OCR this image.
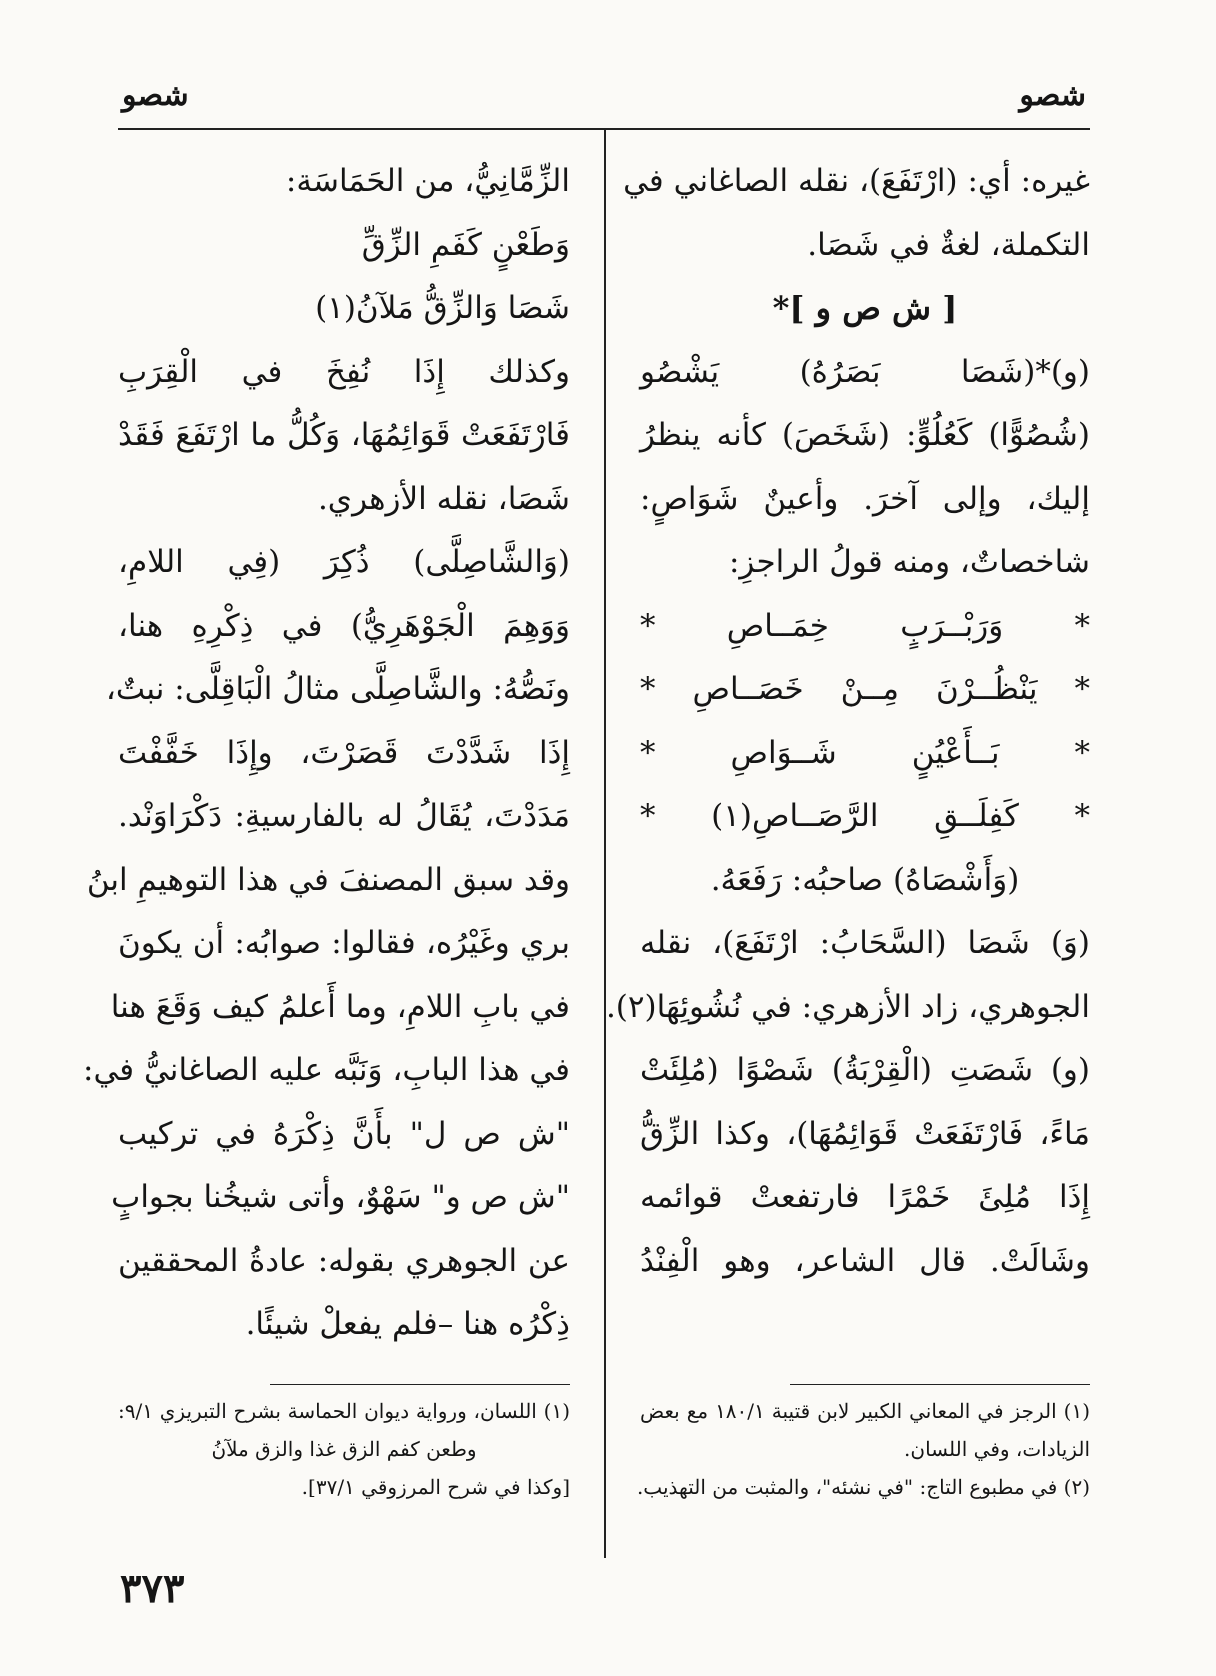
شصو
شصو
غيره: أي: (ارْتَفَعَ)، نقله الصاغاني في
التكملة، لغةٌ في شَصَا.
[ ش ص و ]*
(و)*(شَصَا بَصَرُهُ) يَشْصُو
(شُصُوًّا) كَعُلُوٍّ: (شَخَصَ) كأنه ينظرُ
إليك، وإلى آخرَ. وأعينٌ شَوَاصٍ:
شاخصاتٌ، ومنه قولُ الراجزِ:
* وَرَبْــرَبٍ خِمَــاصِ *
* يَنْظُــرْنَ مِــنْ خَصَــاصِ *
* بَــأَعْيُنٍ شَــوَاصِ *
* كَفِلَــقِ الرَّصَــاصِ(١) *
(وَأَشْصَاهُ) صاحبُه: رَفَعَهُ.
(وَ) شَصَا (السَّحَابُ: ارْتَفَعَ)، نقله
الجوهري، زاد الأزهري: في نُشُوئِهَا(٢).
(و) شَصَتِ (الْقِرْبَةُ) شَصْوًا (مُلِئَتْ
مَاءً، فَارْتَفَعَتْ قَوَائِمُهَا)، وكذا الزِّقُّ
إِذَا مُلِئَ خَمْرًا فارتفعتْ قوائمه
وشَالَتْ. قال الشاعر، وهو الْفِنْدُ
الزِّمَّانِيُّ، من الحَمَاسَة:
وَطَعْنٍ كَفَمِ الزِّقِّ
شَصَا وَالزِّقُّ مَلآنُ(١)
وكذلك إِذَا نُفِخَ في الْقِرَبِ
فَارْتَفَعَتْ قَوَائِمُهَا، وَكُلُّ ما ارْتَفَعَ فَقَدْ
شَصَا، نقله الأزهري.
(وَالشَّاصِلَّى) ذُكِرَ (فِي اللامِ،
وَوَهِمَ الْجَوْهَرِيُّ) في ذِكْرِهِ هنا،
ونَصُّهُ: والشَّاصِلَّى مثالُ الْبَاقِلَّى: نبتٌ،
إِذَا شَدَّدْتَ قَصَرْتَ، وإِذَا خَفَّفْتَ
مَدَدْتَ، يُقَالُ له بالفارسيةِ: دَكْرَاوَنْد.
وقد سبق المصنفَ في هذا التوهيمِ ابنُ
بري وغَيْرُه، فقالوا: صوابُه: أن يكونَ
في بابِ اللامِ، وما أَعلمُ كيف وَقَعَ هنا
في هذا البابِ، وَنَبَّه عليه الصاغانيُّ في:
"ش ص ل" بأَنَّ ذِكْرَهُ في تركيب
"ش ص و" سَهْوٌ، وأتى شيخُنا بجوابٍ
عن الجوهري بقوله: عادةُ المحققين
ذِكْرُه هنا –فلم يفعلْ شيئًا.
(١) الرجز في المعاني الكبير لابن قتيبة ١٨٠/١ مع بعض
الزيادات، وفي اللسان.
(٢) في مطبوع التاج: "في نشئه"، والمثبت من التهذيب.
(١) اللسان، ورواية ديوان الحماسة بشرح التبريزي ٩/١:
وطعن كفم الزق غذا والزق ملآنُ
[وكذا في شرح المرزوقي ٣٧/١].
٣٧٣
